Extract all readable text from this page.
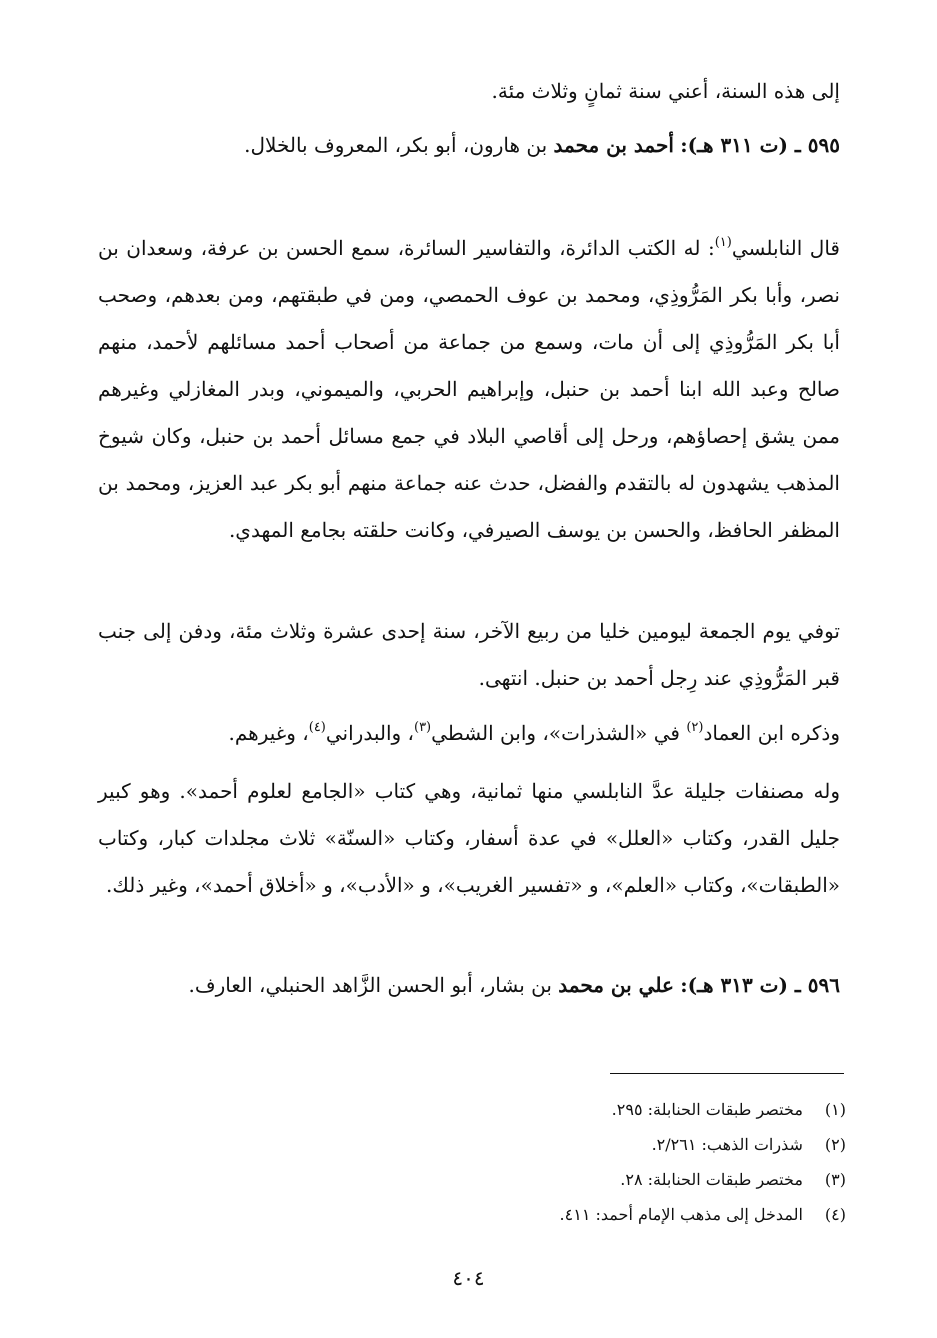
إلى هذه السنة، أعني سنة ثمانٍ وثلاث مئة.

٥٩٥ ـ (ت ٣١١ هـ): أحمد بن محمد بن هارون، أبو بكر، المعروف بالخلال.

قال النابلسي$^{(١)}$: له الكتب الدائرة، والتفاسير السائرة، سمع الحسن بن عرفة، وسعدان بن نصر، وأبا بكر المَرُّوذِي، ومحمد بن عوف الحمصي، ومن في طبقتهم، ومن بعدهم، وصحب أبا بكر المَرُّوذِي إلى أن مات، وسمع من جماعة من أصحاب أحمد مسائلهم لأحمد، منهم صالح وعبد الله ابنا أحمد بن حنبل، وإبراهيم الحربي، والميموني، وبدر المغازلي وغيرهم ممن يشق إحصاؤهم، ورحل إلى أقاصي البلاد في جمع مسائل أحمد بن حنبل، وكان شيوخ المذهب يشهدون له بالتقدم والفضل، حدث عنه جماعة منهم أبو بكر عبد العزيز، ومحمد بن المظفر الحافظ، والحسن بن يوسف الصيرفي، وكانت حلقته بجامع المهدي.

توفي يوم الجمعة ليومين خليا من ربيع الآخر، سنة إحدى عشرة وثلاث مئة، ودفن إلى جنب قبر المَرُّوذِي عند رِجل أحمد بن حنبل. انتهى.

وذكره ابن العماد$^{(٢)}$ في «الشذرات»، وابن الشطي$^{(٣)}$، والبدراني$^{(٤)}$، وغيرهم.

وله مصنفات جليلة عدَّ النابلسي منها ثمانية، وهي كتاب «الجامع لعلوم أحمد». وهو كبير جليل القدر، وكتاب «العلل» في عدة أسفار، وكتاب «السنّة» ثلاث مجلدات كبار، وكتاب «الطبقات»، وكتاب «العلم»، و «تفسير الغريب»، و «الأدب»، و «أخلاق أحمد»، وغير ذلك.

٥٩٦ ـ (ت ٣١٣ هـ): علي بن محمد بن بشار، أبو الحسن الزَّاهد الحنبلي، العارف.

(١) مختصر طبقات الحنابلة: ٢٩٥.
(٢) شذرات الذهب: ٢/٢٦١.
(٣) مختصر طبقات الحنابلة: ٢٨.
(٤) المدخل إلى مذهب الإمام أحمد: ٤١١.
٤٠٤
